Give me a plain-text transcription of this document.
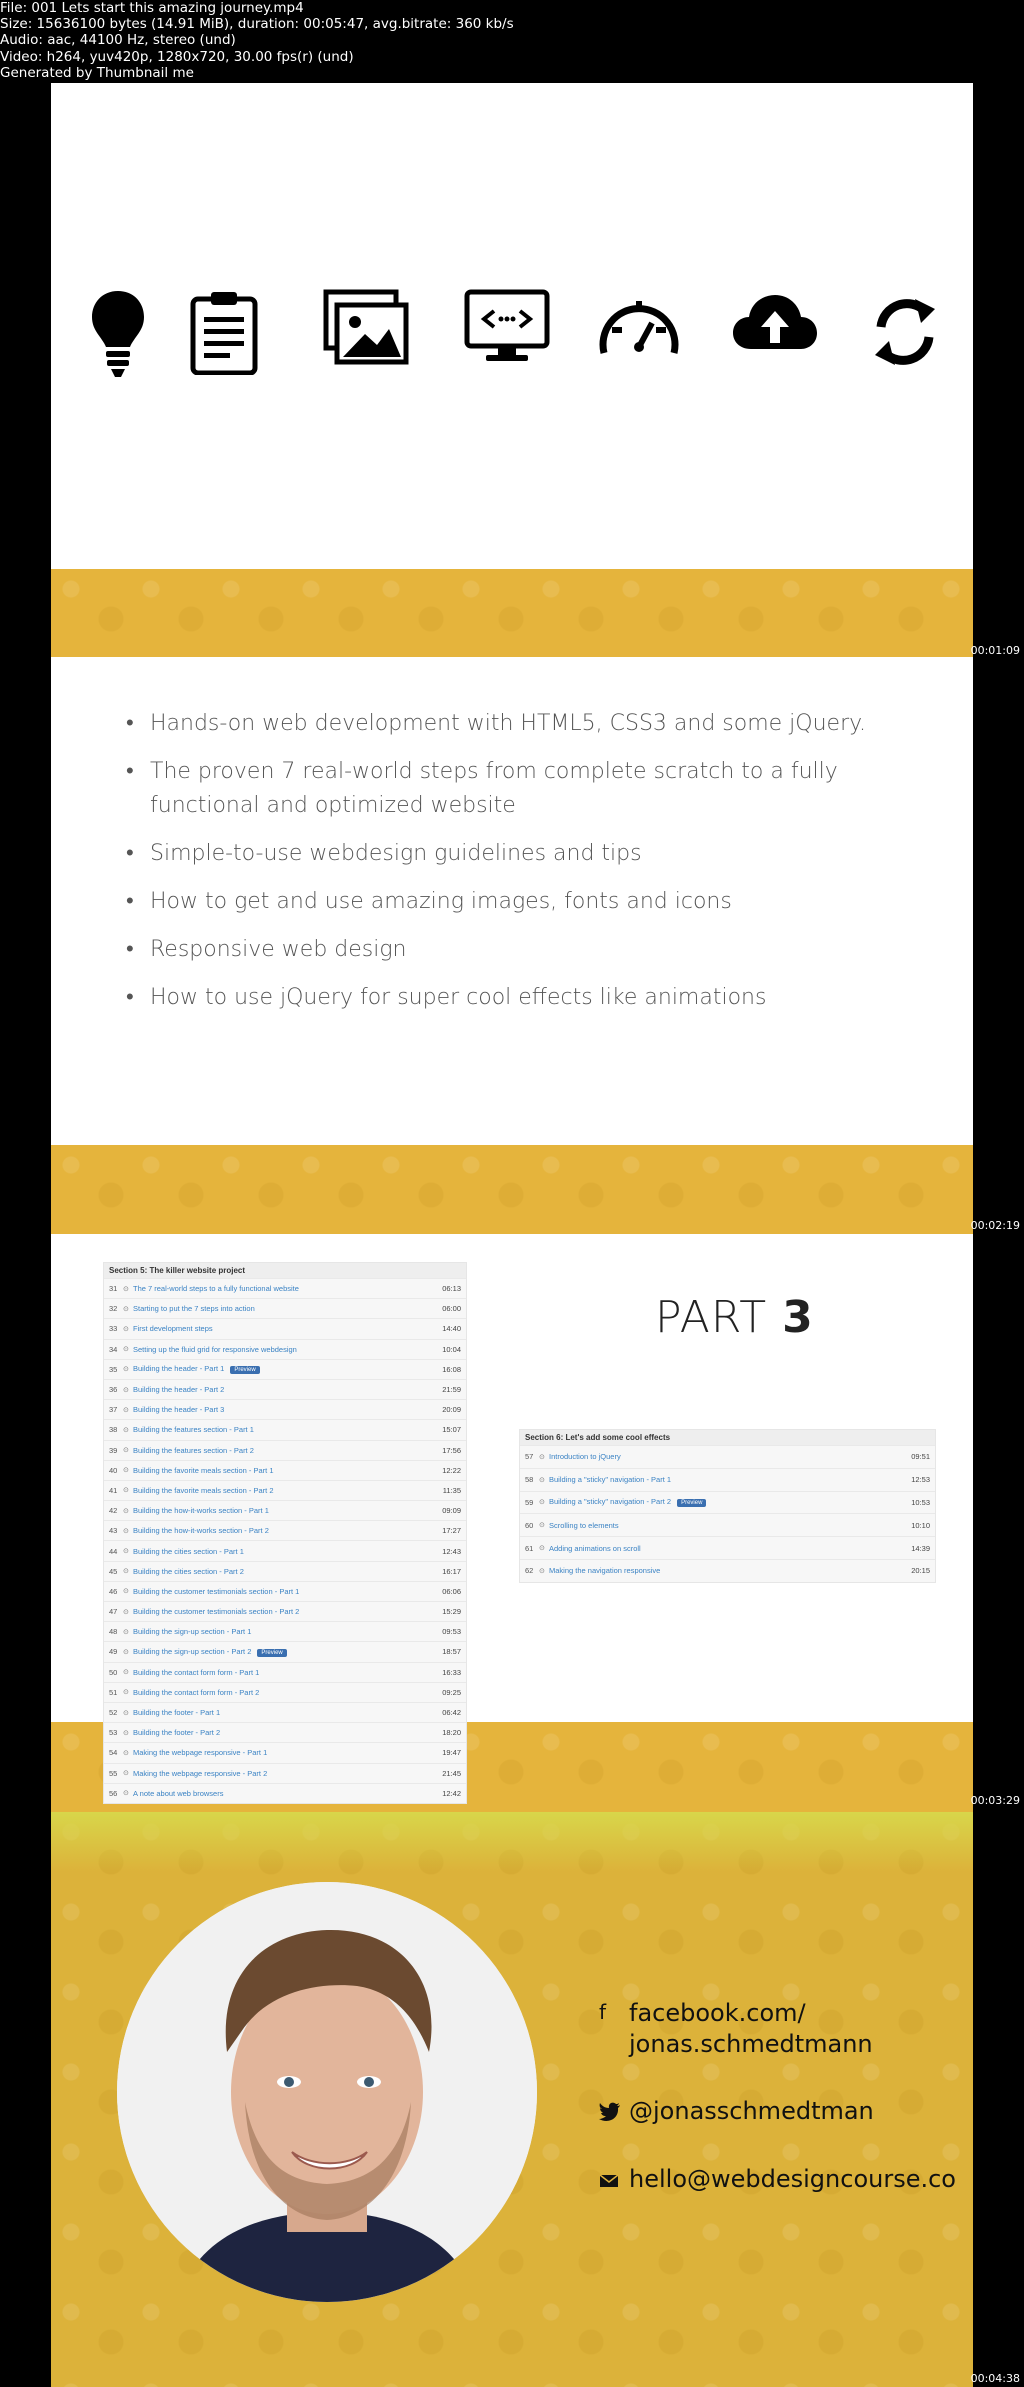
File: 001 Lets start this amazing journey.mp4
Size: 15636100 bytes (14.91 MiB), duration: 00:05:47, avg.bitrate: 360 kb/s
Audio: aac, 44100 Hz, stereo (und)
Video: h264, yuv420p, 1280x720, 30.00 fps(r) (und)
Generated by Thumbnail me
00:01:09
• Hands-on web development with HTML5, CSS3 and some jQuery.
• The proven 7 real-world steps from complete scratch to a fully functional and optimized website
• Simple-to-use webdesign guidelines and tips
• How to get and use amazing images, fonts and icons
• Responsive web design
• How to use jQuery for super cool effects like animations
00:02:19
Section 5: The killer website project
31 ⊙ The 7 real-world steps to a fully functional website	06:13
32 ⊙ Starting to put the 7 steps into action	06:00
33 ⊙ First development steps	14:40
34 ⊙ Setting up the fluid grid for responsive webdesign	10:04
35 ⊙ Building the header - Part 1 Preview	16:08
36 ⊙ Building the header - Part 2	21:59
37 ⊙ Building the header - Part 3	20:09
38 ⊙ Building the features section - Part 1	15:07
39 ⊙ Building the features section - Part 2	17:56
40 ⊙ Building the favorite meals section - Part 1	12:22
41 ⊙ Building the favorite meals section - Part 2	11:35
42 ⊙ Building the how-it-works section - Part 1	09:09
43 ⊙ Building the how-it-works section - Part 2	17:27
44 ⊙ Building the cities section - Part 1	12:43
45 ⊙ Building the cities section - Part 2	16:17
46 ⊙ Building the customer testimonials section - Part 1	06:06
47 ⊙ Building the customer testimonials section - Part 2	15:29
48 ⊙ Building the sign-up section - Part 1	09:53
49 ⊙ Building the sign-up section - Part 2 Preview	18:57
50 ⊙ Building the contact form form - Part 1	16:33
51 ⊙ Building the contact form form - Part 2	09:25
52 ⊙ Building the footer - Part 1	06:42
53 ⊙ Building the footer - Part 2	18:20
54 ⊙ Making the webpage responsive - Part 1	19:47
55 ⊙ Making the webpage responsive - Part 2	21:45
56 ⊙ A note about web browsers	12:42
PART 3
Section 6: Let's add some cool effects
57 ⊙ Introduction to jQuery	09:51
58 ⊙ Building a "sticky" navigation - Part 1	12:53
59 ⊙ Building a "sticky" navigation - Part 2 Preview	10:53
60 ⊙ Scrolling to elements	10:10
61 ⊙ Adding animations on scroll	14:39
62 ⊙ Making the navigation responsive	20:15
00:03:29
f facebook.com/
jonas.schmedtmann
@jonasschmedtman
hello@webdesigncourse.co
00:04:38
